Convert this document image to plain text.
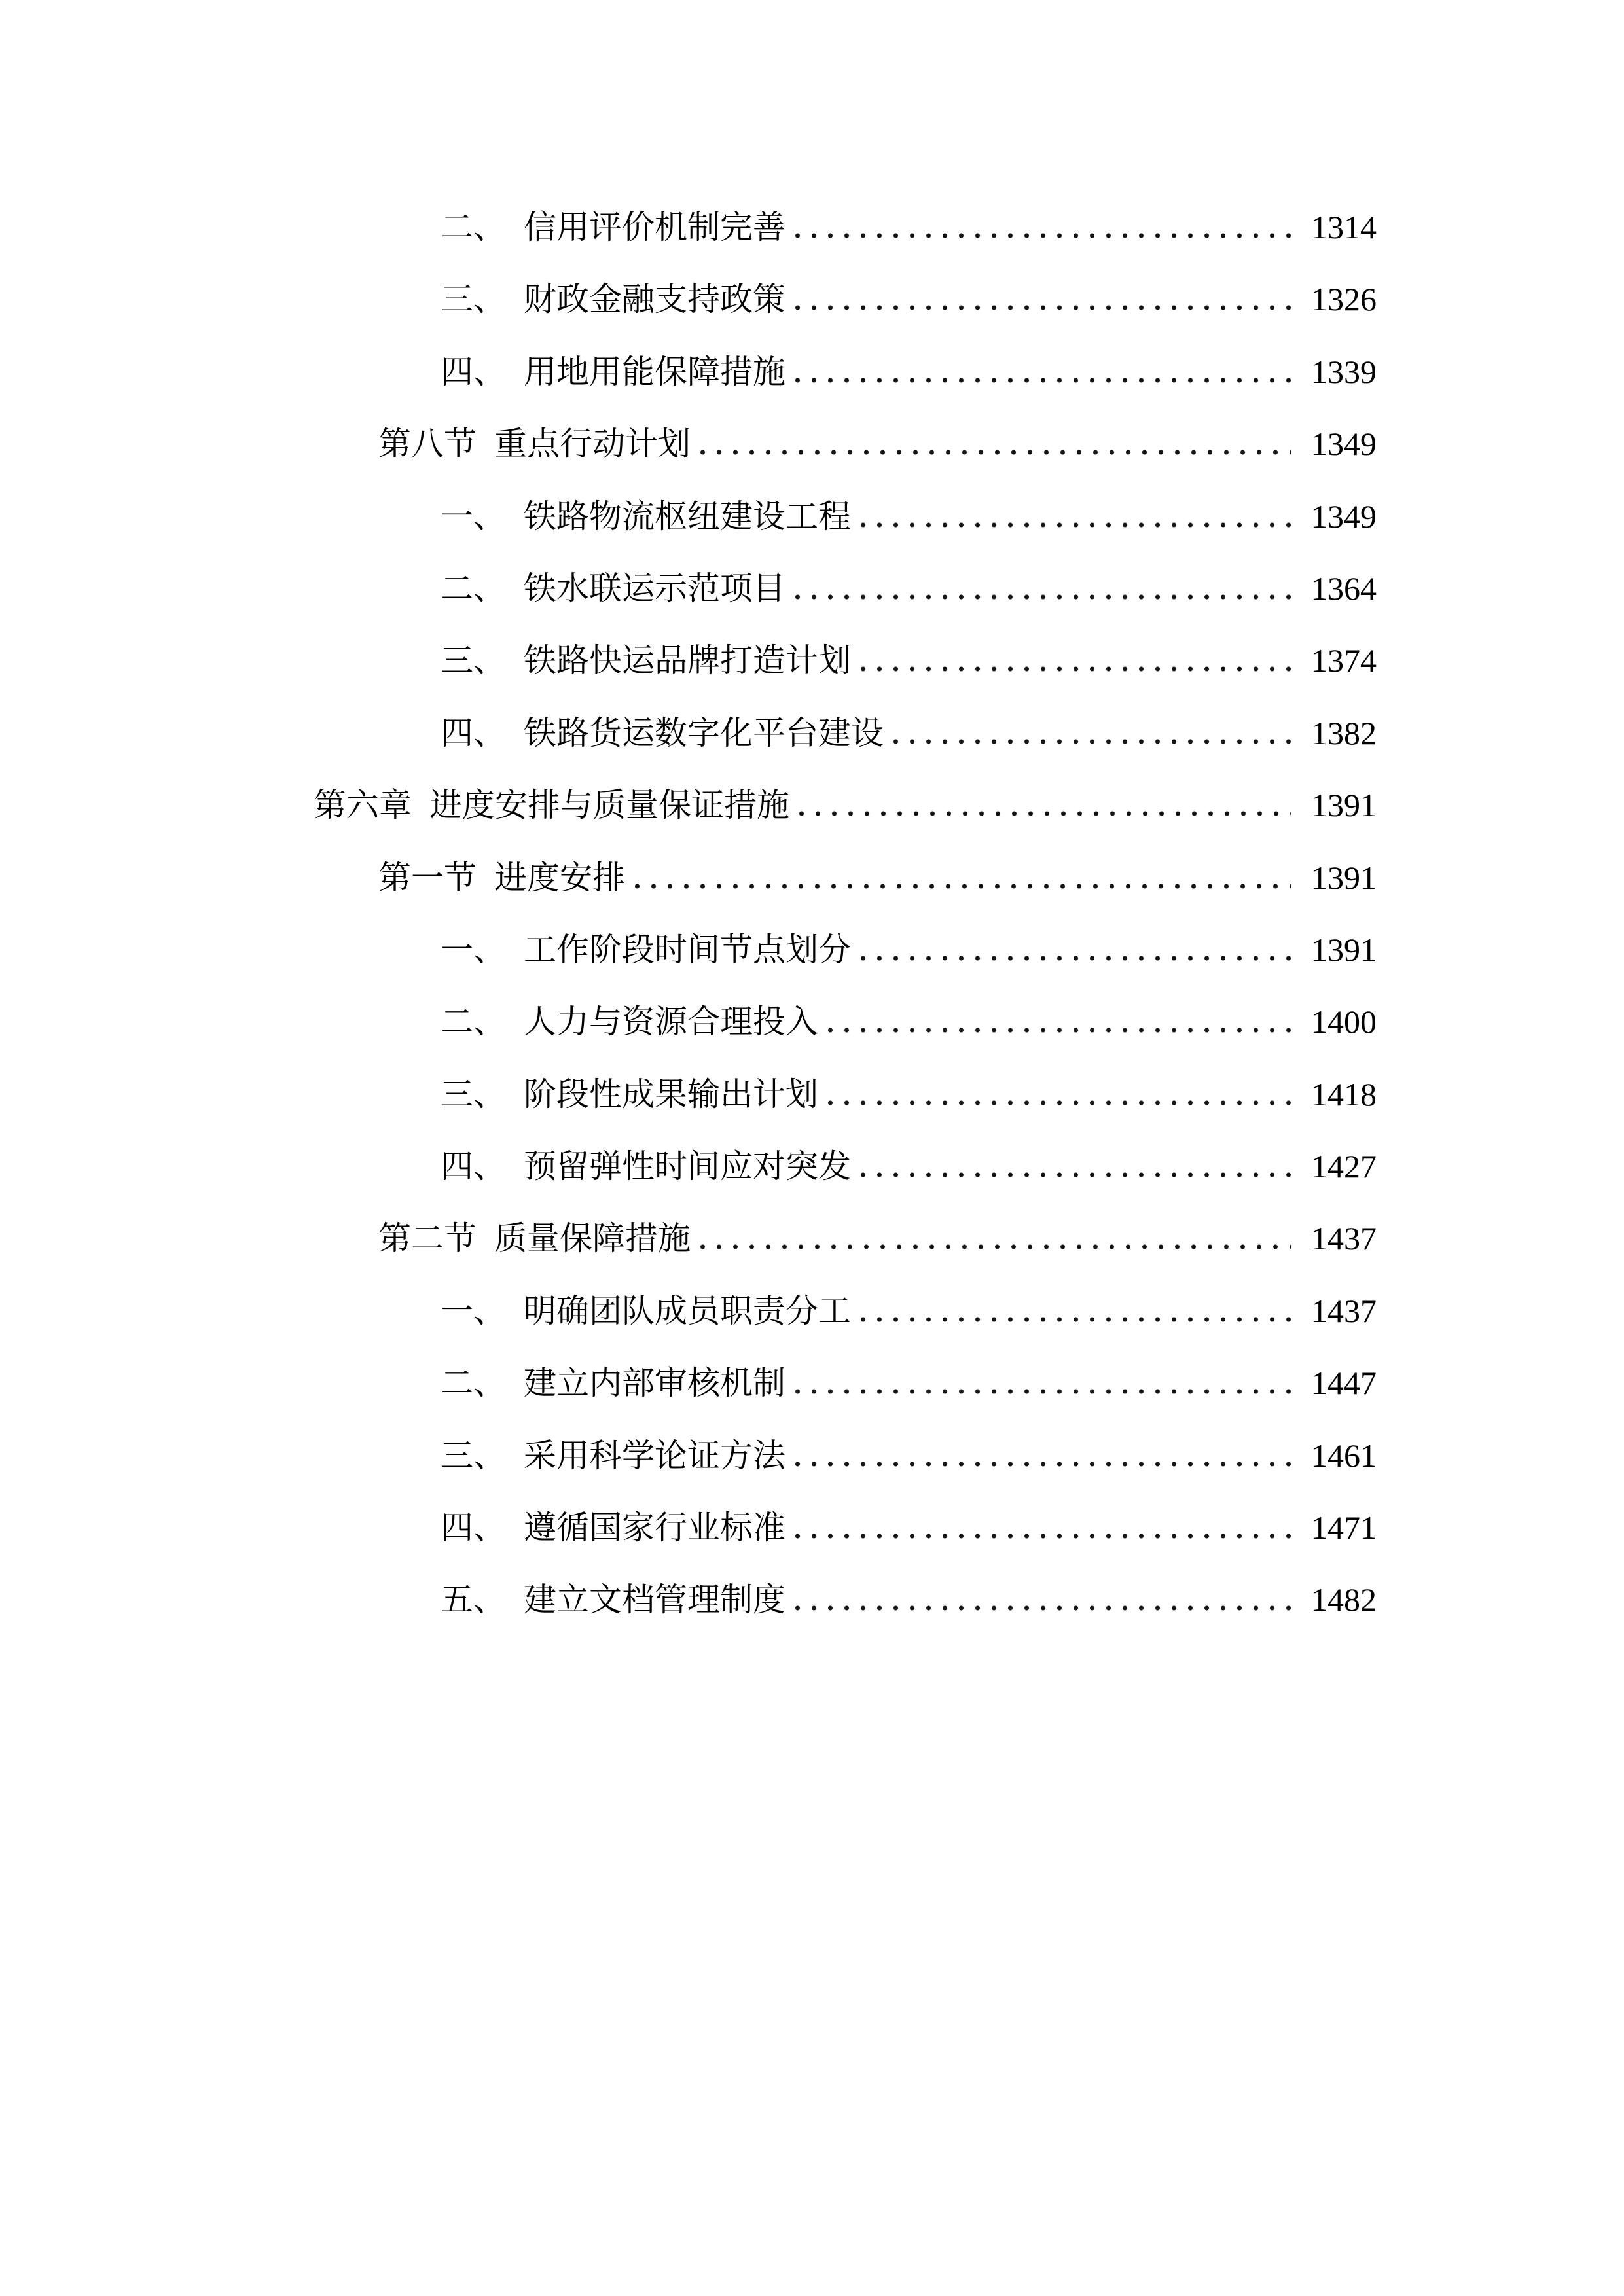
二、 信用评价机制完善	1314
三、 财政金融支持政策	1326
四、 用地用能保障措施	1339
第八节 重点行动计划	1349
一、 铁路物流枢纽建设工程	1349
二、 铁水联运示范项目	1364
三、 铁路快运品牌打造计划	1374
四、 铁路货运数字化平台建设	1382
第六章 进度安排与质量保证措施	1391
第一节 进度安排	1391
一、 工作阶段时间节点划分	1391
二、 人力与资源合理投入	1400
三、 阶段性成果输出计划	1418
四、 预留弹性时间应对突发	1427
第二节 质量保障措施	1437
一、 明确团队成员职责分工	1437
二、 建立内部审核机制	1447
三、 采用科学论证方法	1461
四、 遵循国家行业标准	1471
五、 建立文档管理制度	1482
